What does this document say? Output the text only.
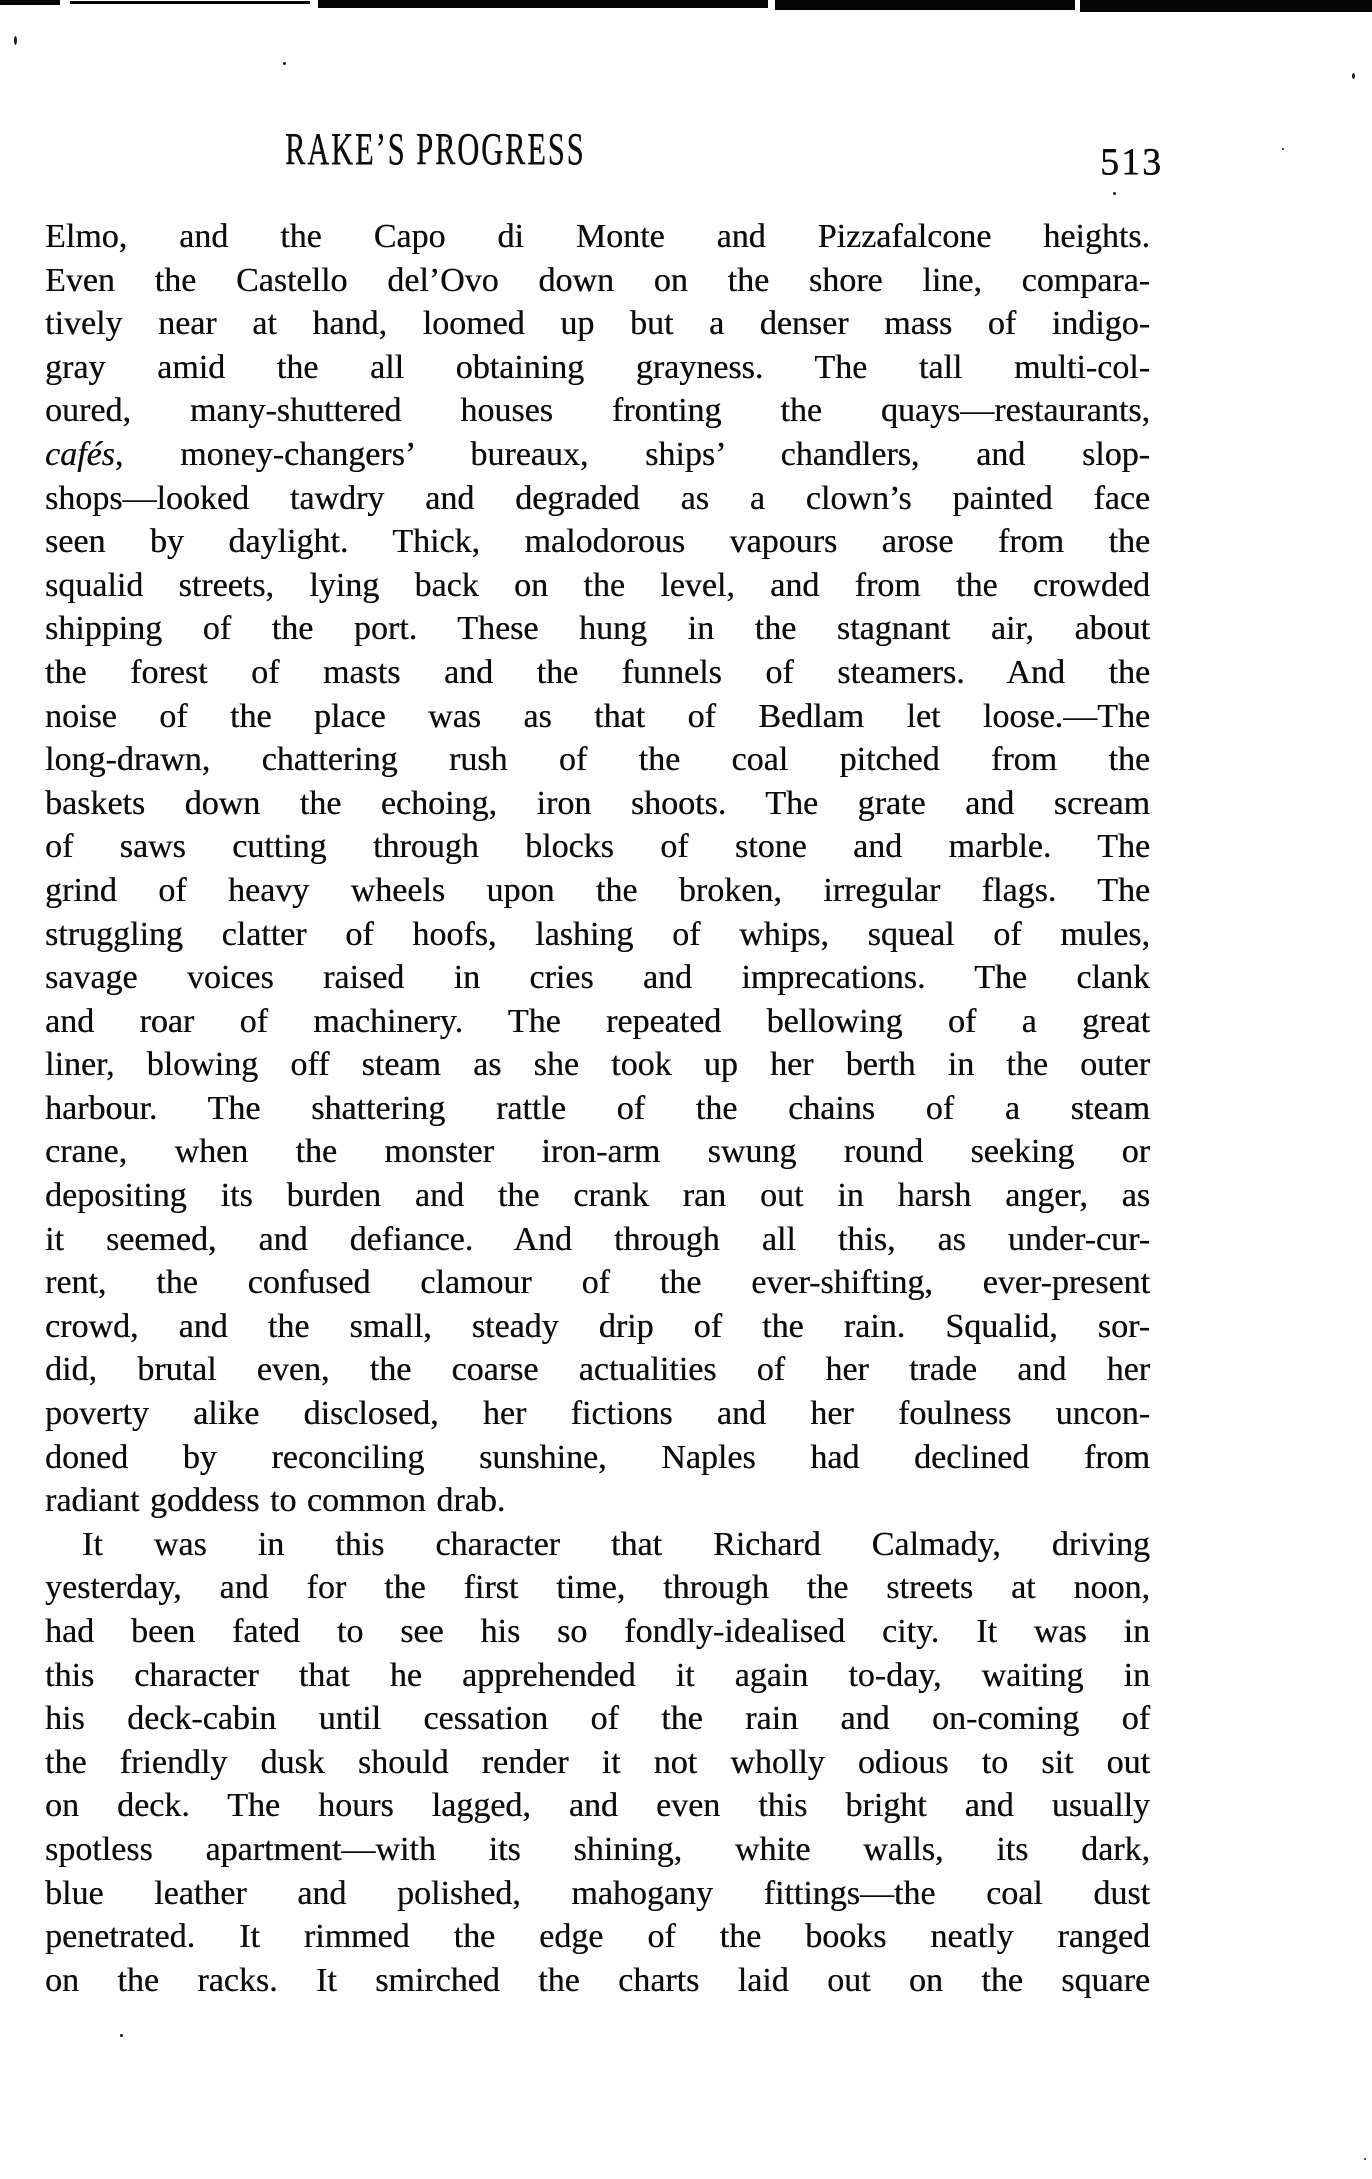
RAKE’S PROGRESS	513
Elmo, and the Capo di Monte and Pizzafalcone heights.
Even the Castello del’Ovo down on the shore line, compara-
tively near at hand, loomed up but a denser mass of indigo-
gray amid the all obtaining grayness. The tall multi-col-
oured, many-shuttered houses fronting the quays—restaurants,
cafés, money-changers’ bureaux, ships’ chandlers, and slop-
shops—looked tawdry and degraded as a clown’s painted face
seen by daylight. Thick, malodorous vapours arose from the
squalid streets, lying back on the level, and from the crowded
shipping of the port. These hung in the stagnant air, about
the forest of masts and the funnels of steamers. And the
noise of the place was as that of Bedlam let loose.—The
long-drawn, chattering rush of the coal pitched from the
baskets down the echoing, iron shoots. The grate and scream
of saws cutting through blocks of stone and marble. The
grind of heavy wheels upon the broken, irregular flags. The
struggling clatter of hoofs, lashing of whips, squeal of mules,
savage voices raised in cries and imprecations. The clank
and roar of machinery. The repeated bellowing of a great
liner, blowing off steam as she took up her berth in the outer
harbour. The shattering rattle of the chains of a steam
crane, when the monster iron-arm swung round seeking or
depositing its burden and the crank ran out in harsh anger, as
it seemed, and defiance. And through all this, as under-cur-
rent, the confused clamour of the ever-shifting, ever-present
crowd, and the small, steady drip of the rain. Squalid, sor-
did, brutal even, the coarse actualities of her trade and her
poverty alike disclosed, her fictions and her foulness uncon-
doned by reconciling sunshine, Naples had declined from
radiant goddess to common drab.
It was in this character that Richard Calmady, driving
yesterday, and for the first time, through the streets at noon,
had been fated to see his so fondly-idealised city. It was in
this character that he apprehended it again to-day, waiting in
his deck-cabin until cessation of the rain and on-coming of
the friendly dusk should render it not wholly odious to sit out
on deck. The hours lagged, and even this bright and usually
spotless apartment—with its shining, white walls, its dark,
blue leather and polished, mahogany fittings—the coal dust
penetrated. It rimmed the edge of the books neatly ranged
on the racks. It smirched the charts laid out on the square
